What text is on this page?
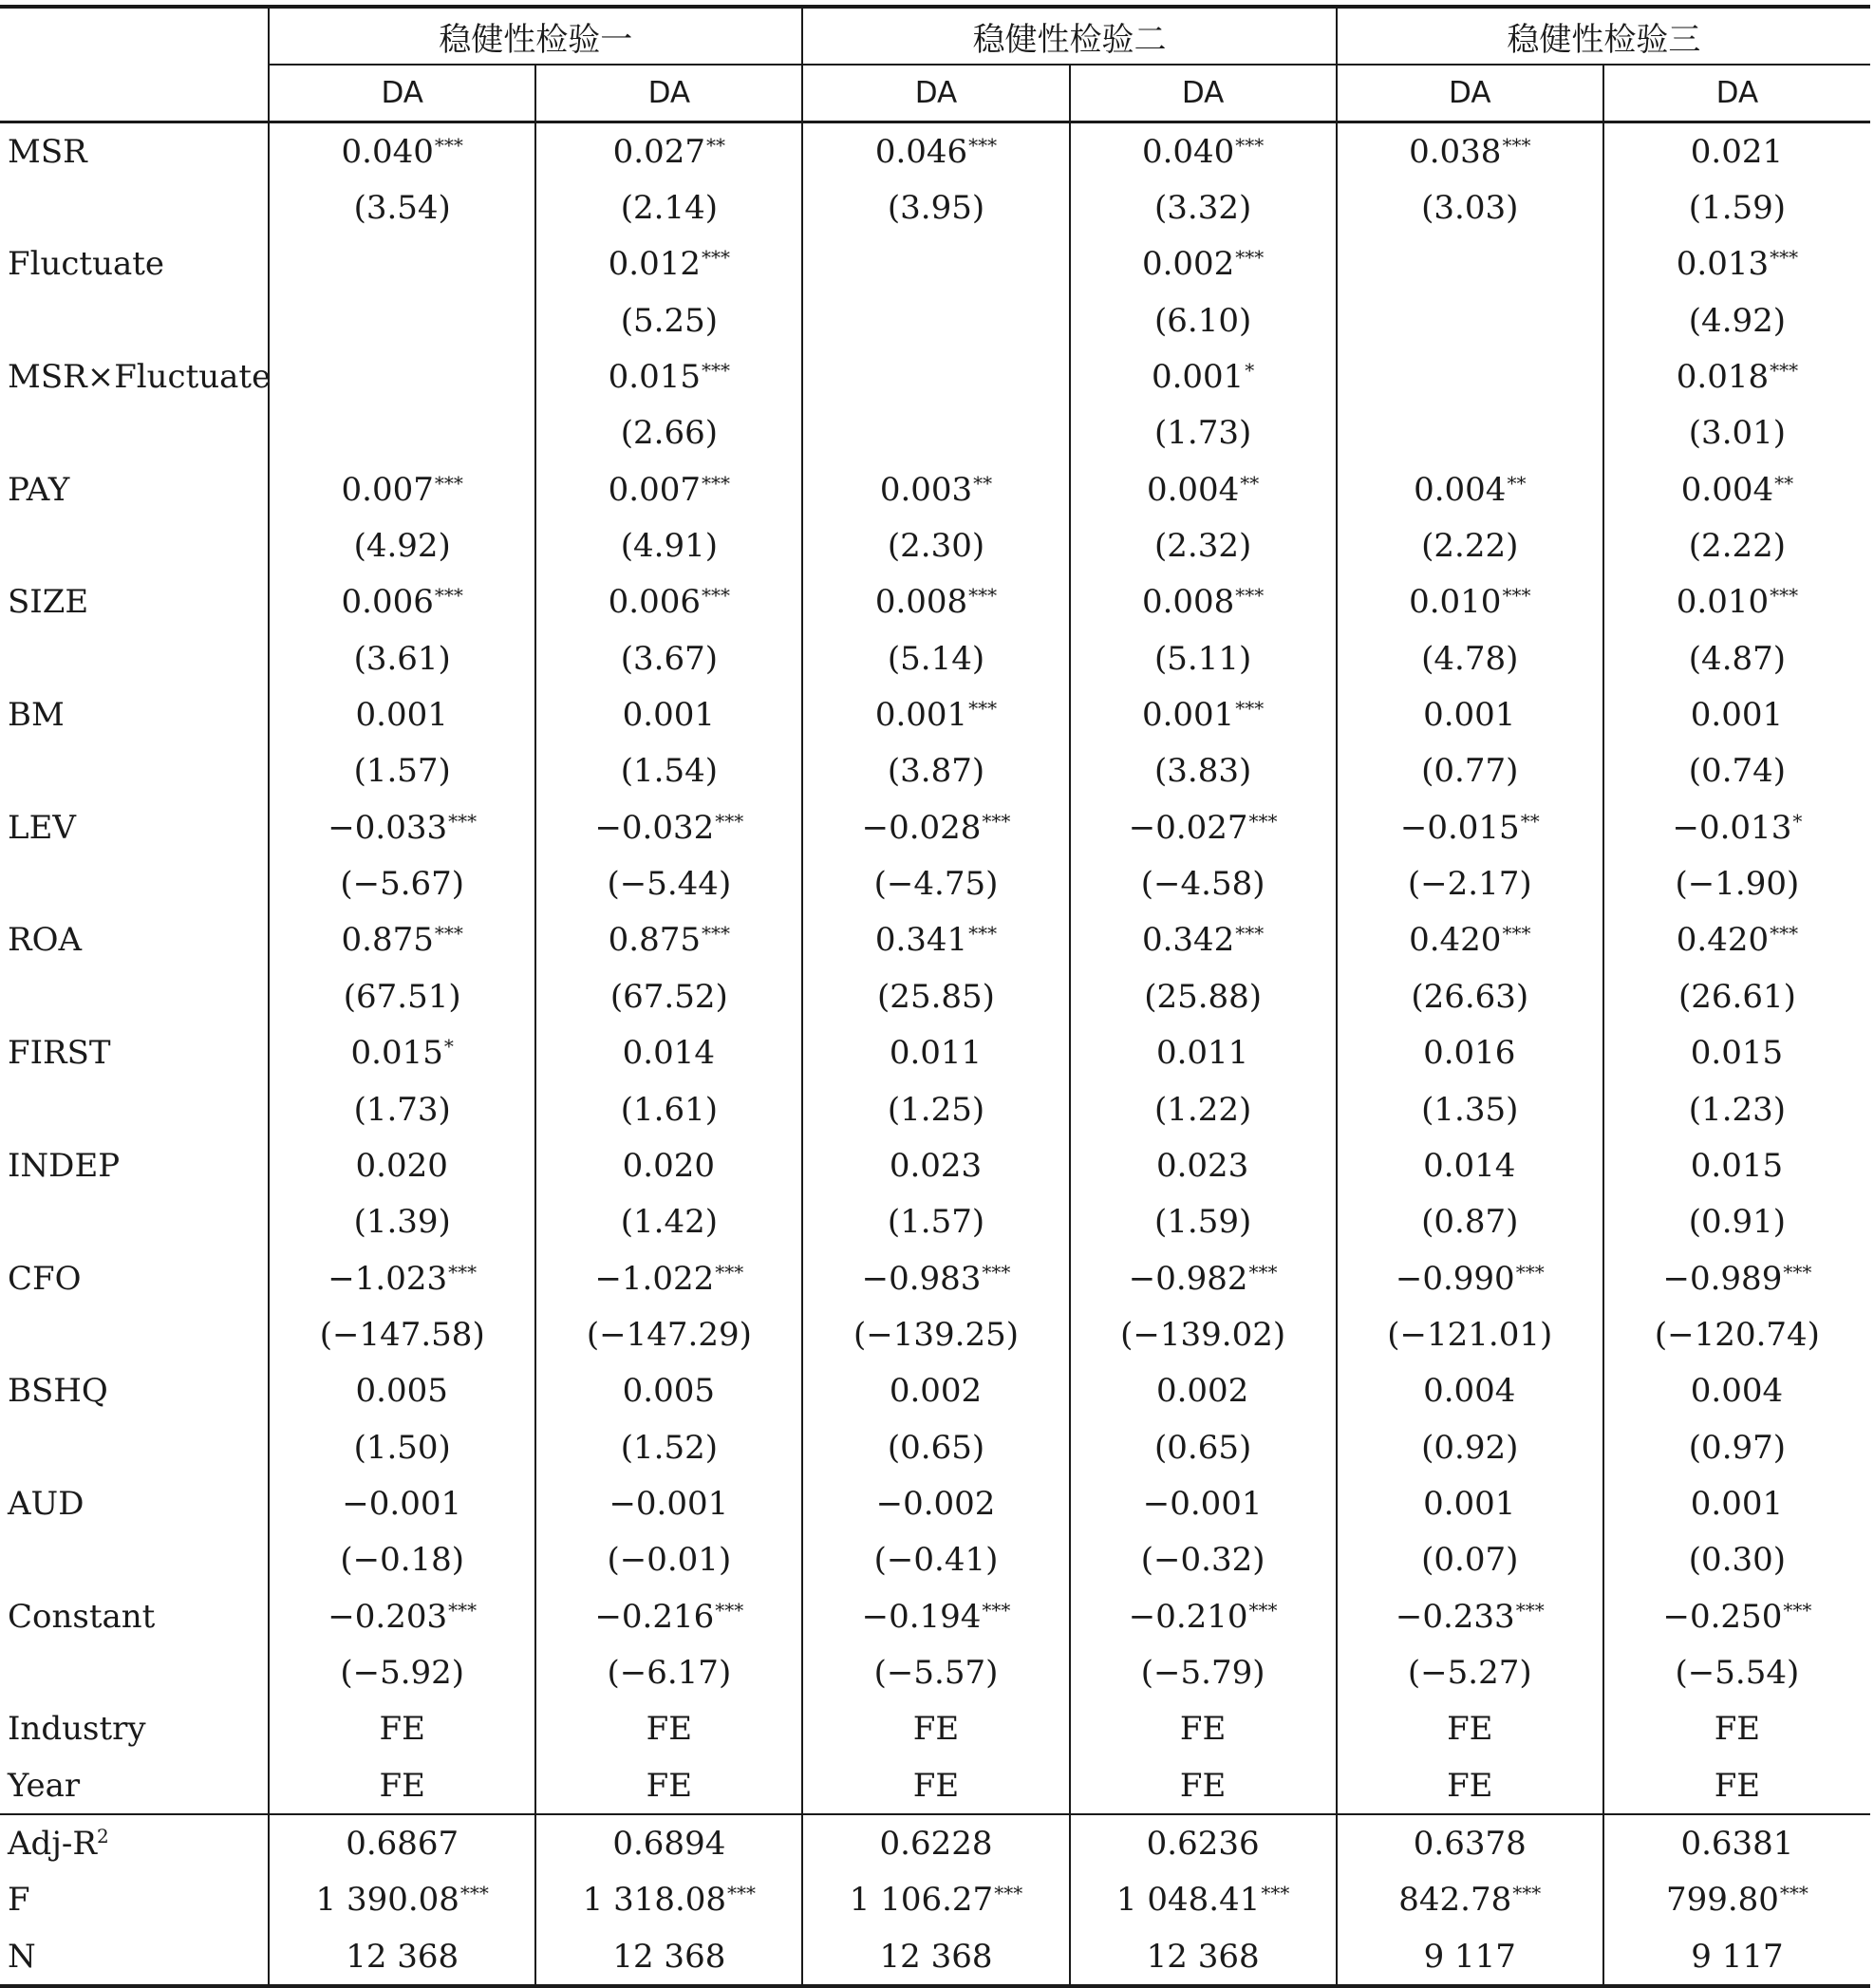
	稳健性检验一		稳健性检验二		稳健性检验三	
	DA	DA	DA	DA	DA	DA
MSR	0.040***	0.027**	0.046***	0.040***	0.038***	0.021
	(3.54)	(2.14)	(3.95)	(3.32)	(3.03)	(1.59)
Fluctuate		0.012***		0.002***		0.013***
		(5.25)		(6.10)		(4.92)
MSR×Fluctuate		0.015***		0.001*		0.018***
		(2.66)		(1.73)		(3.01)
PAY	0.007***	0.007***	0.003**	0.004**	0.004**	0.004**
	(4.92)	(4.91)	(2.30)	(2.32)	(2.22)	(2.22)
SIZE	0.006***	0.006***	0.008***	0.008***	0.010***	0.010***
	(3.61)	(3.67)	(5.14)	(5.11)	(4.78)	(4.87)
BM	0.001	0.001	0.001***	0.001***	0.001	0.001
	(1.57)	(1.54)	(3.87)	(3.83)	(0.77)	(0.74)
LEV	−0.033***	−0.032***	−0.028***	−0.027***	−0.015**	−0.013*
	(−5.67)	(−5.44)	(−4.75)	(−4.58)	(−2.17)	(−1.90)
ROA	0.875***	0.875***	0.341***	0.342***	0.420***	0.420***
	(67.51)	(67.52)	(25.85)	(25.88)	(26.63)	(26.61)
FIRST	0.015*	0.014	0.011	0.011	0.016	0.015
	(1.73)	(1.61)	(1.25)	(1.22)	(1.35)	(1.23)
INDEP	0.020	0.020	0.023	0.023	0.014	0.015
	(1.39)	(1.42)	(1.57)	(1.59)	(0.87)	(0.91)
CFO	−1.023***	−1.022***	−0.983***	−0.982***	−0.990***	−0.989***
	(−147.58)	(−147.29)	(−139.25)	(−139.02)	(−121.01)	(−120.74)
BSHQ	0.005	0.005	0.002	0.002	0.004	0.004
	(1.50)	(1.52)	(0.65)	(0.65)	(0.92)	(0.97)
AUD	−0.001	−0.001	−0.002	−0.001	0.001	0.001
	(−0.18)	(−0.01)	(−0.41)	(−0.32)	(0.07)	(0.30)
Constant	−0.203***	−0.216***	−0.194***	−0.210***	−0.233***	−0.250***
	(−5.92)	(−6.17)	(−5.57)	(−5.79)	(−5.27)	(−5.54)
Industry	FE	FE	FE	FE	FE	FE
Year	FE	FE	FE	FE	FE	FE
Adj-$R^2$	0.6867	0.6894	0.6228	0.6236	0.6378	0.6381
F	1 390.08***	1 318.08***	1 106.27***	1 048.41***	842.78***	799.80***
N	12 368	12 368	12 368	12 368	9 117	9 117
